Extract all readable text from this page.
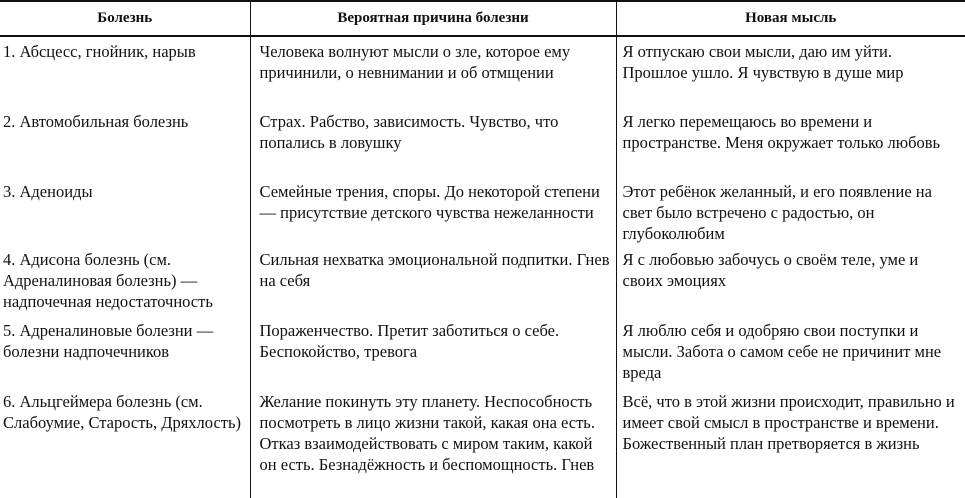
Болезнь	Вероятная причина болезни	Новая мысль
1. Абсцесс, гнойник, нарыв	Человека волнуют мысли о зле, которое ему причинили, о невнимании и об отмщении	Я отпускаю свои мысли, даю им уйти. Прошлое ушло. Я чувствую в душе мир
2. Автомобильная болезнь	Страх. Рабство, зависимость. Чувство, что попались в ловушку	Я легко перемещаюсь во времени и пространстве. Меня окружает только любовь
3. Аденоиды	Семейные трения, споры. До некоторой степени — присутствие детского чувства нежеланности	Этот ребёнок желанный, и его появление на свет было встречено с радостью, он глубоколюбим
4. Адисона болезнь (см. Адреналиновая болезнь) — надпочечная недостаточность	Сильная нехватка эмоциональной подпитки. Гнев на себя	Я с любовью забочусь о своём теле, уме и своих эмоциях
5. Адреналиновые болезни — болезни надпочечников	Пораженчество. Претит заботиться о себе. Беспокойство, тревога	Я люблю себя и одобряю свои поступки и мысли. Забота о самом себе не причинит мне вреда
6. Альцгеймера болезнь (см. Слабоумие, Старость, Дряхлость)	Желание покинуть эту планету. Неспособность посмотреть в лицо жизни такой, какая она есть. Отказ взаимодействовать с миром таким, какой он есть. Безнадёжность и беспомощность. Гнев	Всё, что в этой жизни происходит, правильно и имеет свой смысл в пространстве и времени. Божественный план претворяется в жизнь
